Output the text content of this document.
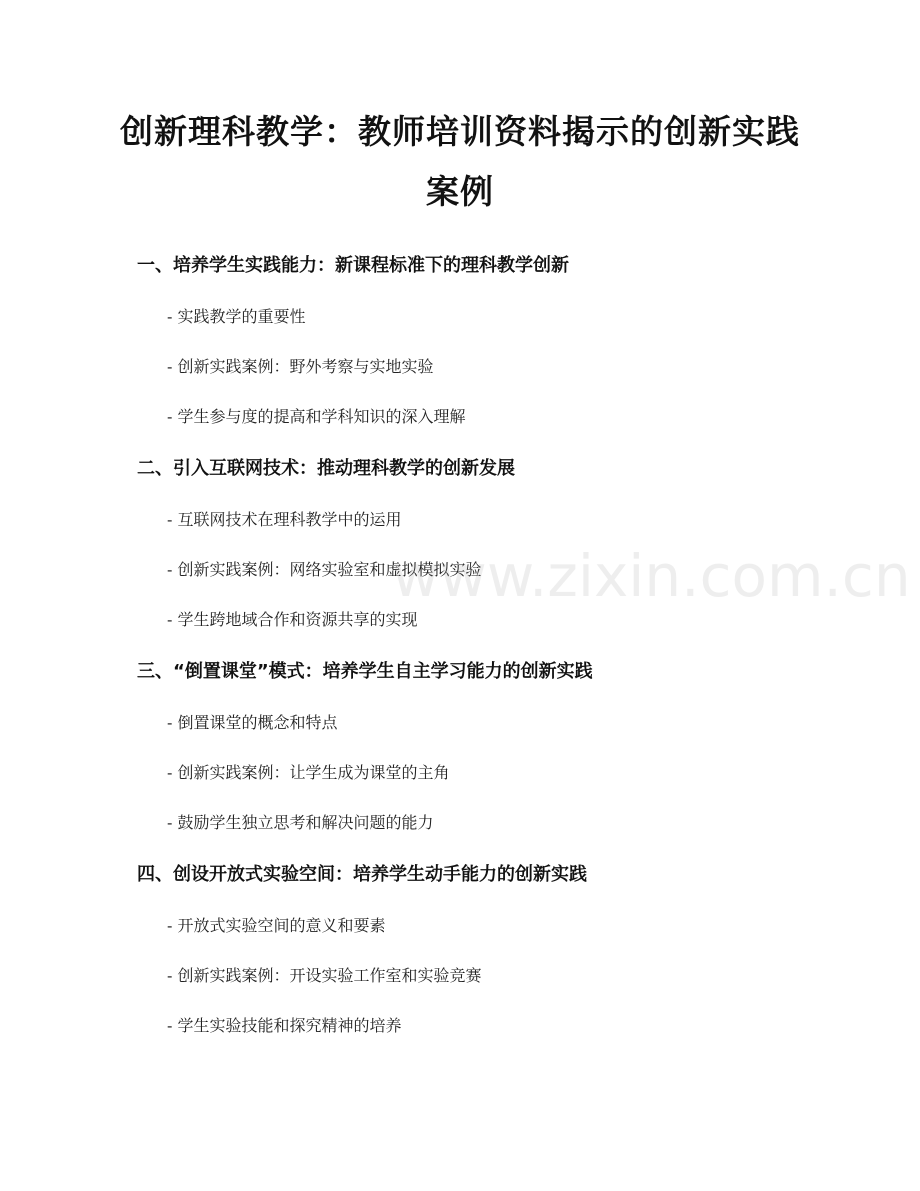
创新理科教学：教师培训资料揭示的创新实践案例
一、培养学生实践能力：新课程标准下的理科教学创新

- 实践教学的重要性

- 创新实践案例：野外考察与实地实验

- 学生参与度的提高和学科知识的深入理解

二、引入互联网技术：推动理科教学的创新发展

- 互联网技术在理科教学中的运用

- 创新实践案例：网络实验室和虚拟模拟实验

- 学生跨地域合作和资源共享的实现

三、“倒置课堂”模式：培养学生自主学习能力的创新实践

- 倒置课堂的概念和特点

- 创新实践案例：让学生成为课堂的主角

- 鼓励学生独立思考和解决问题的能力

四、创设开放式实验空间：培养学生动手能力的创新实践

- 开放式实验空间的意义和要素

- 创新实践案例：开设实验工作室和实验竞赛

- 学生实验技能和探究精神的培养

www.zixin.com.cn
